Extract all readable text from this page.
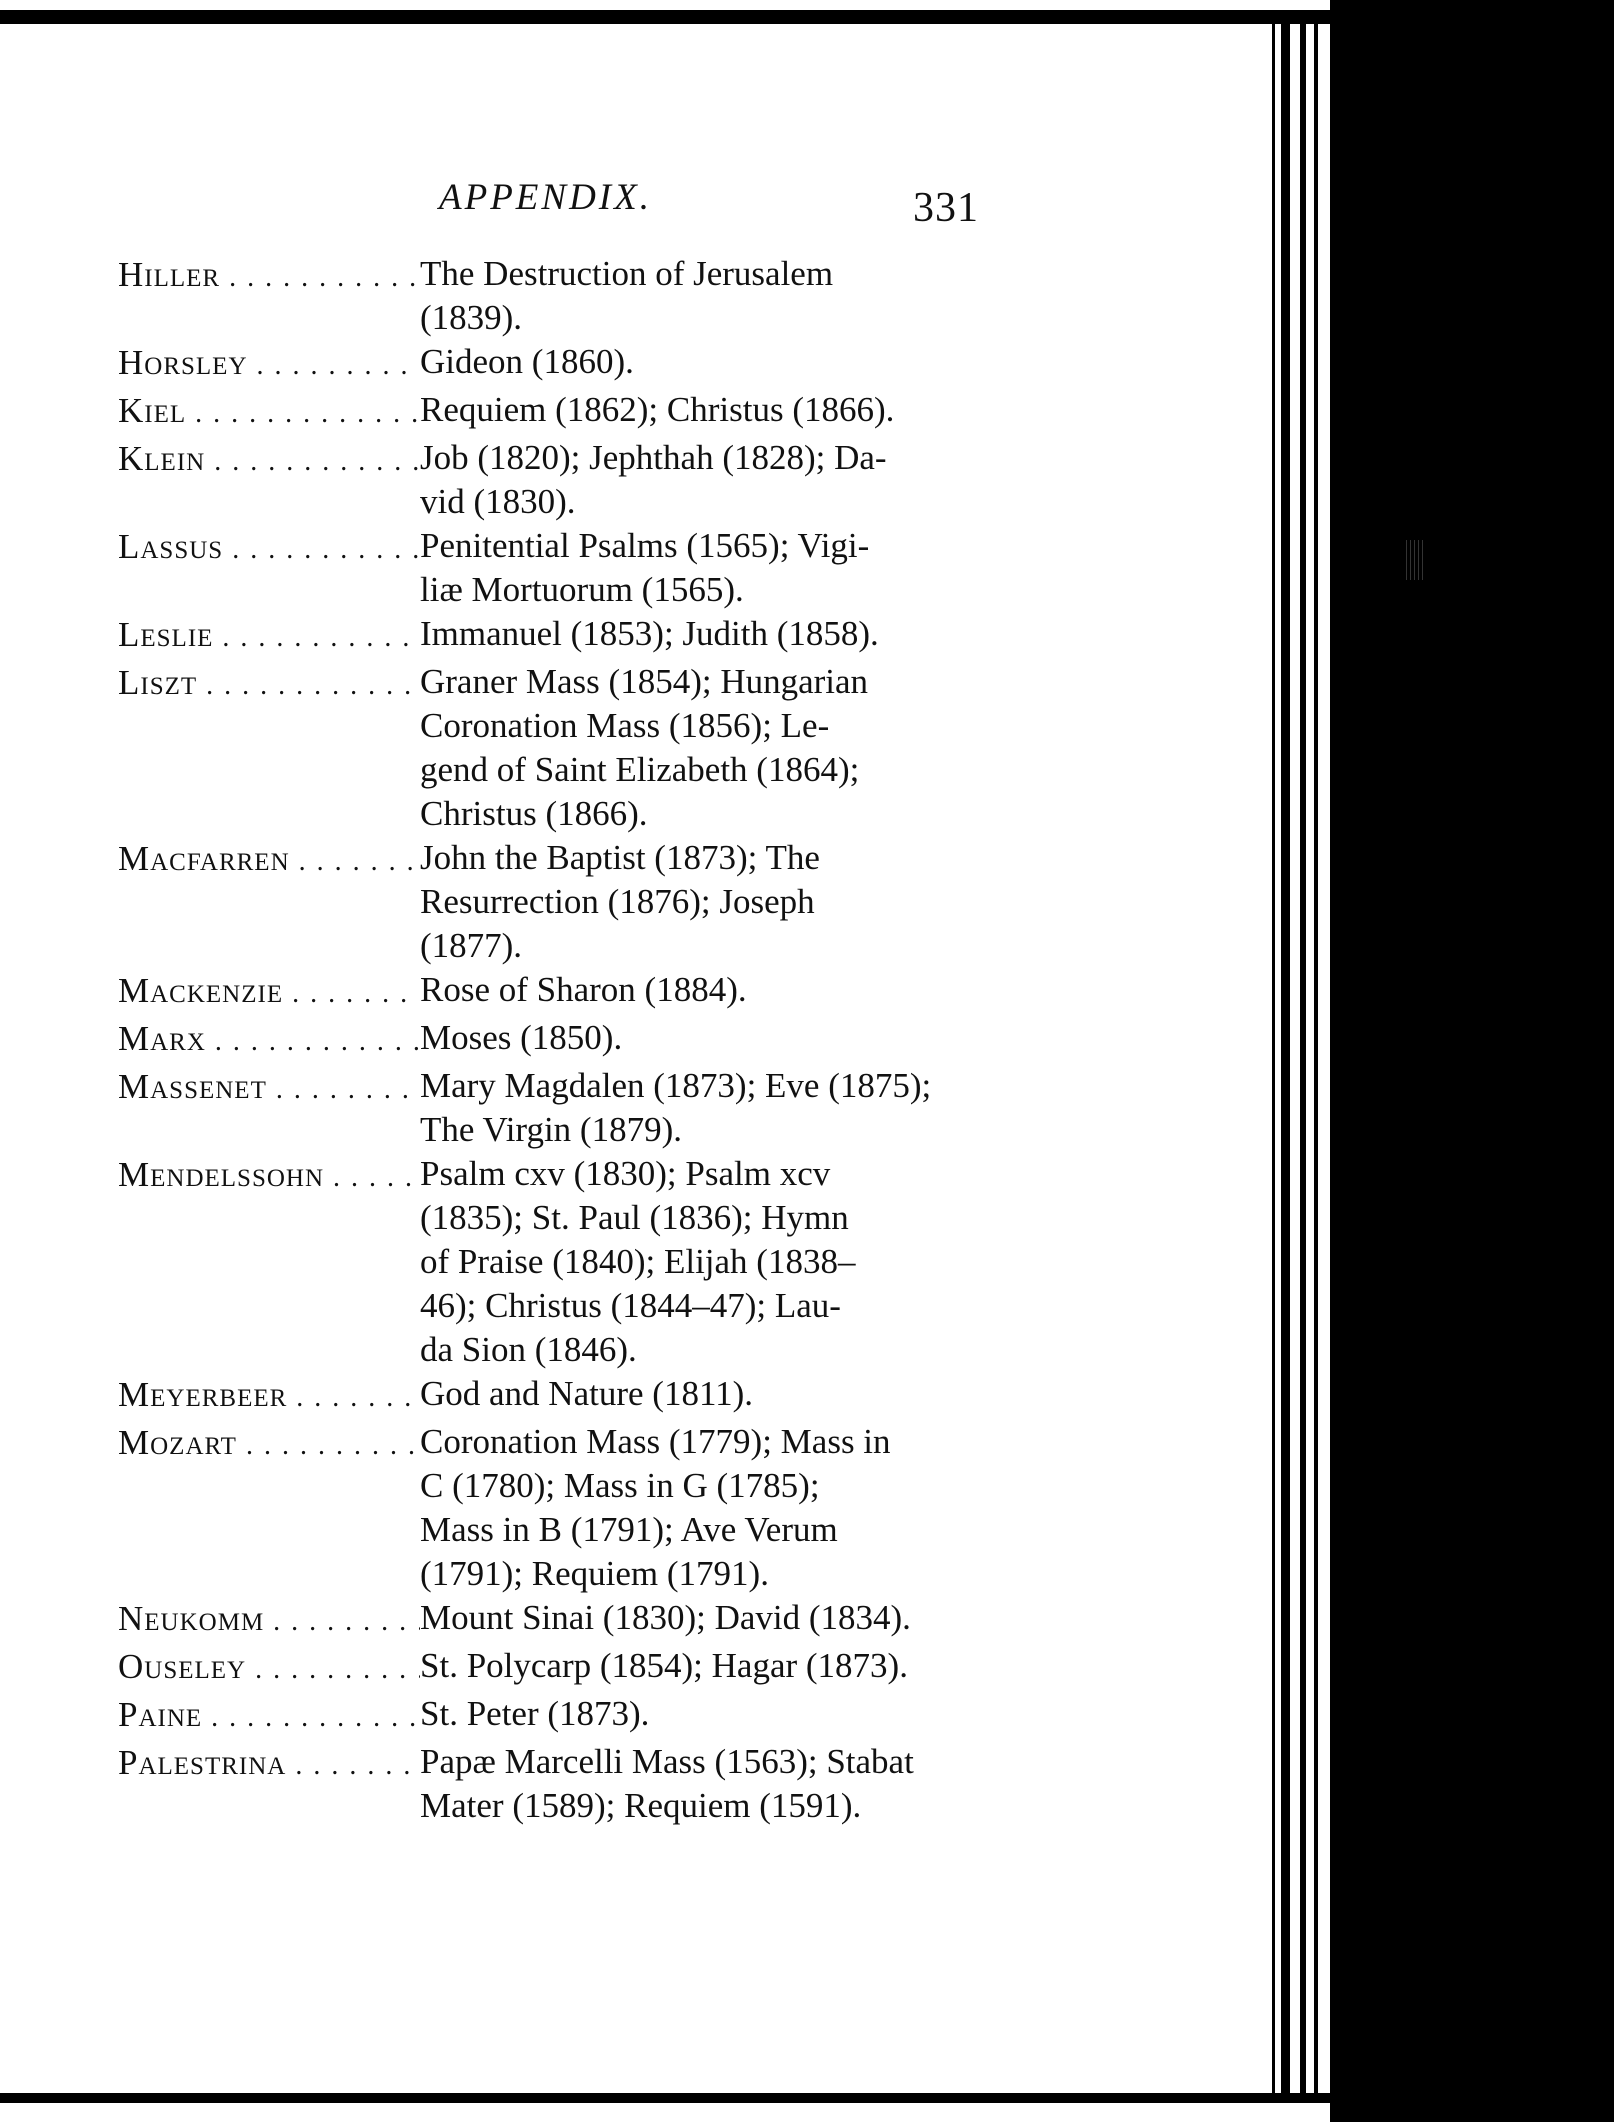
APPENDIX.	331
Hiller . . .	The Destruction of Jerusalem
(1839).
Horsley . . .	Gideon (1860).
Kiel . . .	Requiem (1862); Christus (1866).
Klein . . .	Job (1820); Jephthah (1828); Da-
vid (1830).
Lassus . . .	Penitential Psalms (1565); Vigi-
liæ Mortuorum (1565).
Leslie . . .	Immanuel (1853); Judith (1858).
Liszt . . .	Graner Mass (1854); Hungarian
Coronation Mass (1856); Le-
gend of Saint Elizabeth (1864);
Christus (1866).
Macfarren . . .	John the Baptist (1873); The
Resurrection (1876); Joseph
(1877).
Mackenzie . . .	Rose of Sharon (1884).
Marx . . .	Moses (1850).
Massenet . . .	Mary Magdalen (1873); Eve (1875);
The Virgin (1879).
Mendelssohn . . .	Psalm cxv (1830); Psalm xcv
(1835); St. Paul (1836); Hymn
of Praise (1840); Elijah (1838–
46); Christus (1844–47); Lau-
da Sion (1846).
Meyerbeer . . .	God and Nature (1811).
Mozart . . .	Coronation Mass (1779); Mass in
C (1780); Mass in G (1785);
Mass in B (1791); Ave Verum
(1791); Requiem (1791).
Neukomm . . .	Mount Sinai (1830); David (1834).
Ouseley . . .	St. Polycarp (1854); Hagar (1873).
Paine . . .	St. Peter (1873).
Palestrina . . .	Papæ Marcelli Mass (1563); Stabat
Mater (1589); Requiem (1591).
